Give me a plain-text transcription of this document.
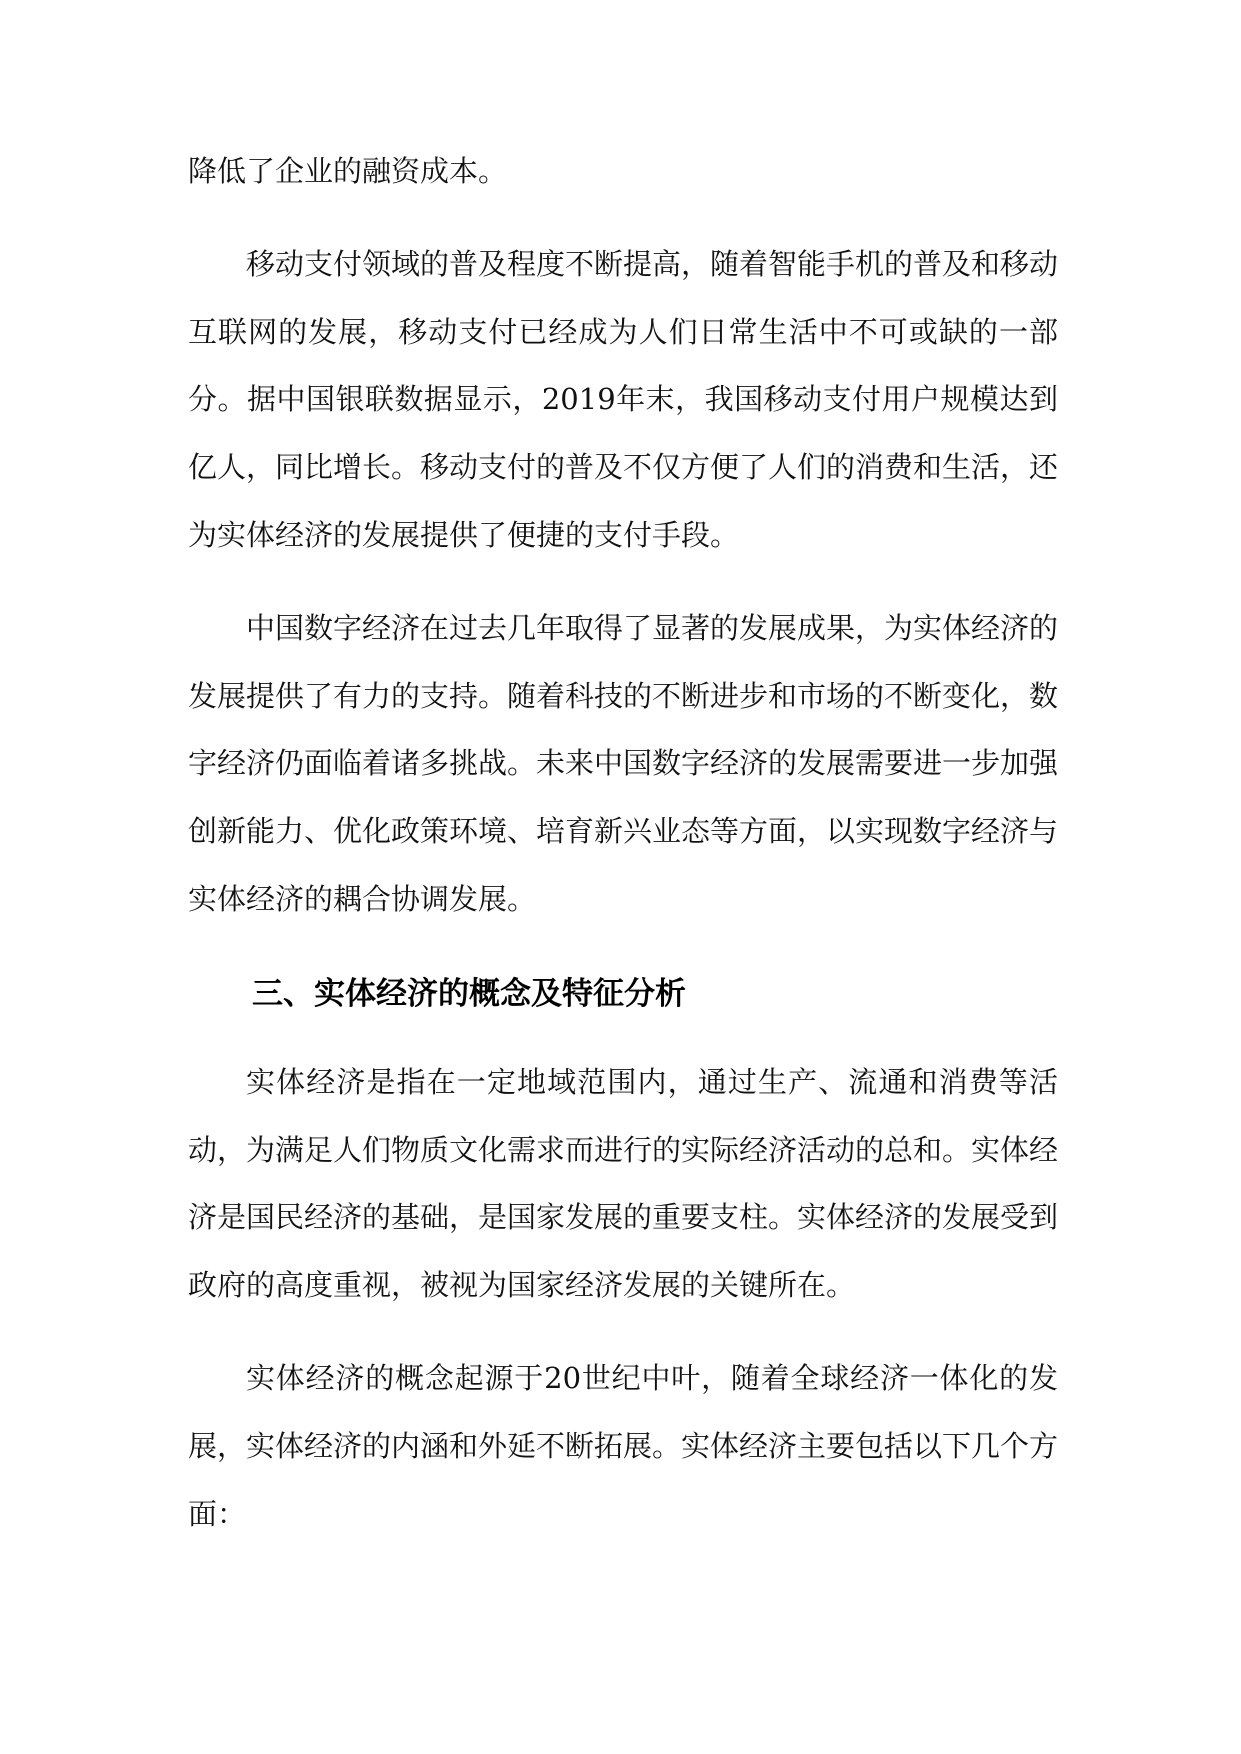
降低了企业的融资成本。

移动支付领域的普及程度不断提高，随着智能手机的普及和移动互联网的发展，移动支付已经成为人们日常生活中不可或缺的一部分。据中国银联数据显示，2019年末，我国移动支付用户规模达到亿人，同比增长。移动支付的普及不仅方便了人们的消费和生活，还为实体经济的发展提供了便捷的支付手段。

中国数字经济在过去几年取得了显著的发展成果，为实体经济的发展提供了有力的支持。随着科技的不断进步和市场的不断变化，数字经济仍面临着诸多挑战。未来中国数字经济的发展需要进一步加强创新能力、优化政策环境、培育新兴业态等方面，以实现数字经济与实体经济的耦合协调发展。

三、实体经济的概念及特征分析

实体经济是指在一定地域范围内，通过生产、流通和消费等活动，为满足人们物质文化需求而进行的实际经济活动的总和。实体经济是国民经济的基础，是国家发展的重要支柱。实体经济的发展受到政府的高度重视，被视为国家经济发展的关键所在。

实体经济的概念起源于20世纪中叶，随着全球经济一体化的发展，实体经济的内涵和外延不断拓展。实体经济主要包括以下几个方面：
